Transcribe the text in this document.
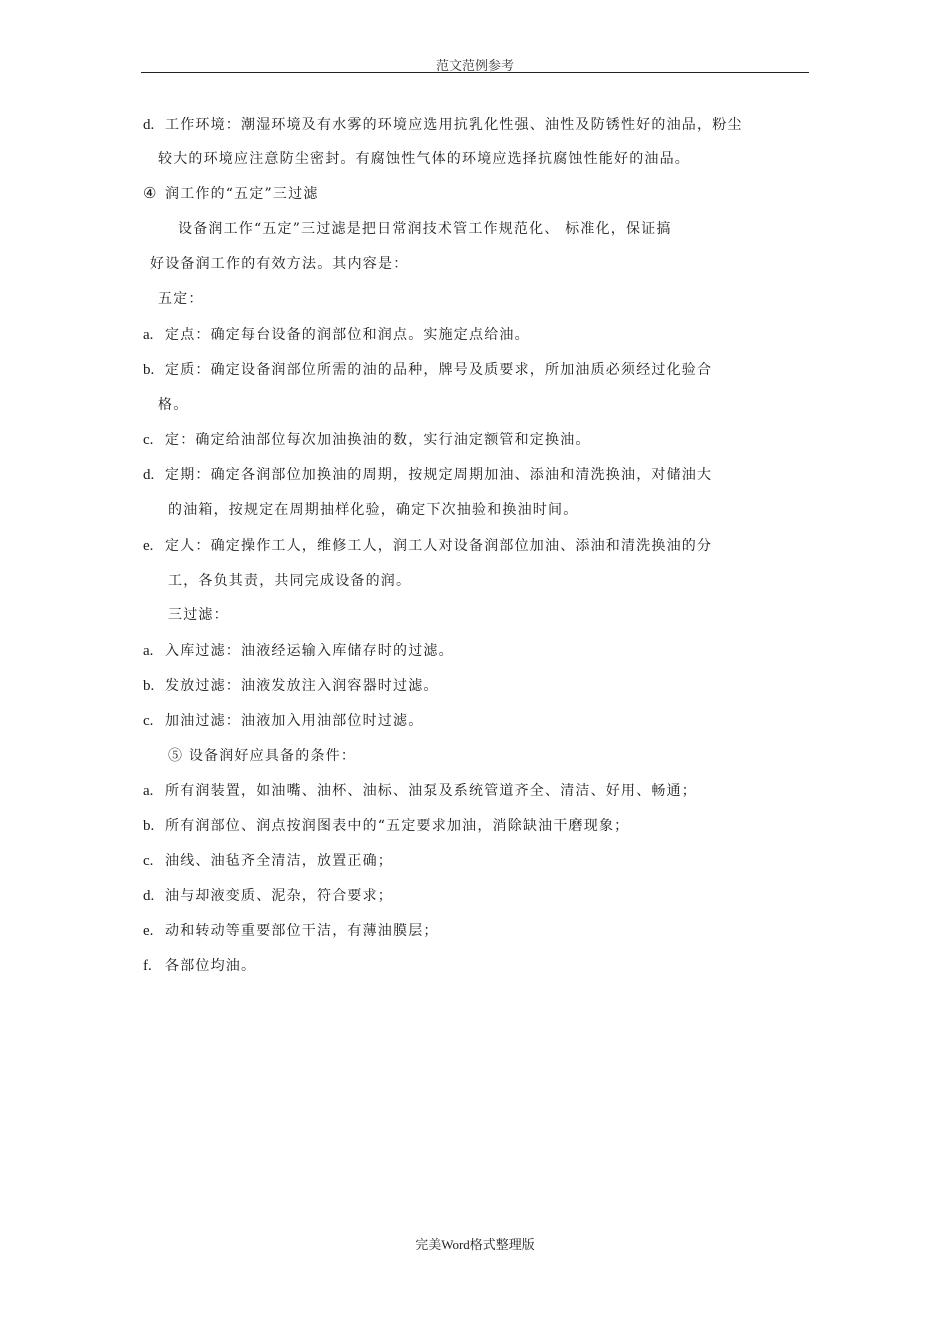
范文范例参考
d. 工作环境：潮湿环境及有水雾的环境应选用抗乳化性强、油性及防锈性好的油品，粉尘
较大的环境应注意防尘密封。有腐蚀性气体的环境应选择抗腐蚀性能好的油品。
④ 润工作的“五定”三过滤
设备润工作“五定”三过滤是把日常润技术管工作规范化、 标准化，保证搞
好设备润工作的有效方法。其内容是：
五定：
a. 定点：确定每台设备的润部位和润点。实施定点给油。
b. 定质：确定设备润部位所需的油的品种，牌号及质要求，所加油质必须经过化验合
格。
c. 定：确定给油部位每次加油换油的数，实行油定额管和定换油。
d. 定期：确定各润部位加换油的周期，按规定周期加油、添油和清洗换油，对储油大
的油箱，按规定在周期抽样化验，确定下次抽验和换油时间。
e. 定人：确定操作工人，维修工人，润工人对设备润部位加油、添油和清洗换油的分
工，各负其责，共同完成设备的润。
三过滤：
a. 入库过滤：油液经运输入库储存时的过滤。
b. 发放过滤：油液发放注入润容器时过滤。
c. 加油过滤：油液加入用油部位时过滤。
⑤ 设备润好应具备的条件：
a. 所有润装置，如油嘴、油杯、油标、油泵及系统管道齐全、清洁、好用、畅通；
b. 所有润部位、润点按润图表中的“五定要求加油，消除缺油干磨现象；
c. 油线、油毡齐全清洁，放置正确；
d. 油与却液变质、泥杂，符合要求；
e. 动和转动等重要部位干洁，有薄油膜层；
f. 各部位均油。
完美Word格式整理版
